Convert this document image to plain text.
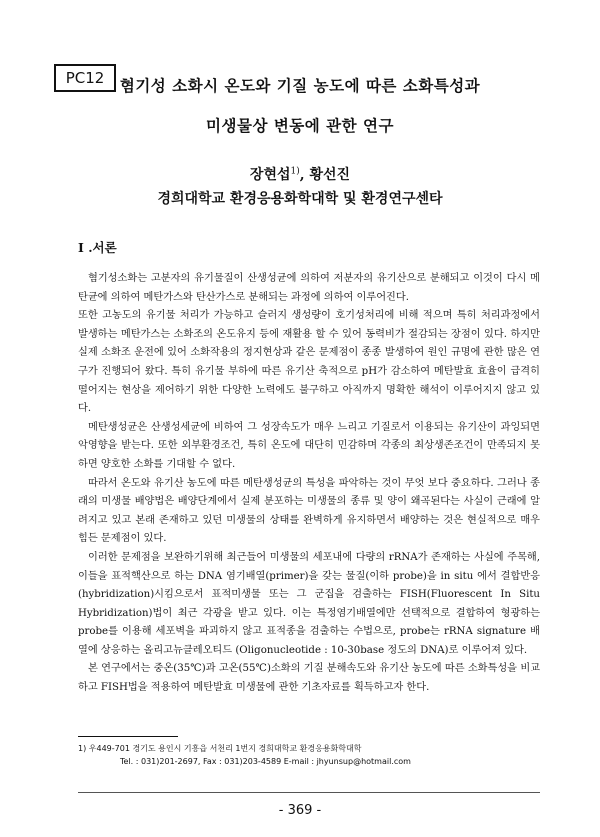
PC12	혐기성 소화시 온도와 기질 농도에 따른 소화특성과
미생물상 변동에 관한 연구
장현섭$^{1)}$, 황선진
경희대학교 환경응용화학대학 및 환경연구센타
I .서론

혐기성소화는 고분자의 유기물질이 산생성균에 의하여 저분자의 유기산으로 분해되고 이것이 다시 메탄균에 의하여 메탄가스와 탄산가스로 분해되는 과정에 의하여 이루어진다.

또한 고농도의 유기물 처리가 가능하고 슬러지 생성량이 호기성처리에 비해 적으며 특히 처리과정에서 발생하는 메탄가스는 소화조의 온도유지 등에 재활용 할 수 있어 동력비가 절감되는 장점이 있다. 하지만 실제 소화조 운전에 있어 소화작용의 정지현상과 같은 문제점이 종종 발생하여 원인 규명에 관한 많은 연구가 진행되어 왔다. 특히 유기물 부하에 따른 유기산 축적으로 pH가 감소하여 메탄발효 효율이 급격히 떨어지는 현상을 제어하기 위한 다양한 노력에도 불구하고 아직까지 명확한 해석이 이루어지지 않고 있다.

메탄생성균은 산생성세균에 비하여 그 성장속도가 매우 느리고 기질로서 이용되는 유기산이 과잉되면 악영향을 받는다. 또한 외부환경조건, 특히 온도에 대단히 민감하며 각종의 최상생존조건이 만족되지 못하면 양호한 소화를 기대할 수 없다.

따라서 온도와 유기산 농도에 따른 메탄생성균의 특성을 파악하는 것이 무엇 보다 중요하다. 그러나 종래의 미생물 배양법은 배양단계에서 실제 분포하는 미생물의 종류 및 양이 왜곡된다는 사실이 근래에 알려지고 있고 본래 존재하고 있던 미생물의 상태를 완벽하게 유지하면서 배양하는 것은 현실적으로 매우 힘든 문제점이 있다.

이러한 문제점을 보완하기위해 최근들어 미생물의 세포내에 다량의 rRNA가 존재하는 사실에 주목해, 이들을 표적핵산으로 하는 DNA 염기배열(primer)을 갖는 물질(이하 probe)을 in situ 에서 결합반응(hybridization)시킴으로서 표적미생물 또는 그 군집을 검출하는 FISH(Fluorescent In Situ Hybridization)법이 최근 각광을 받고 있다. 이는 특정염기배열에만 선택적으로 결합하여 형광하는 probe를 이용해 세포벽을 파괴하지 않고 표적종을 검출하는 수법으로, probe는 rRNA signature 배열에 상응하는 올리고뉴클레오티드 (Oligonucleotide : 10-30base 정도의 DNA)로 이루어져 있다.

본 연구에서는 중온(35℃)과 고온(55℃)소화의 기질 분해속도와 유기산 농도에 따른 소화특성을 비교하고 FISH법을 적용하여 메탄발효 미생물에 관한 기초자료를 획득하고자 한다.

1) 우449-701 경기도 용인시 기흥읍 서천리 1번지 경희대학교 환경응용화학대학
Tel. : 031)201-2697, Fax : 031)203-4589 E-mail : jhyunsup@hotmail.com
- 369 -
